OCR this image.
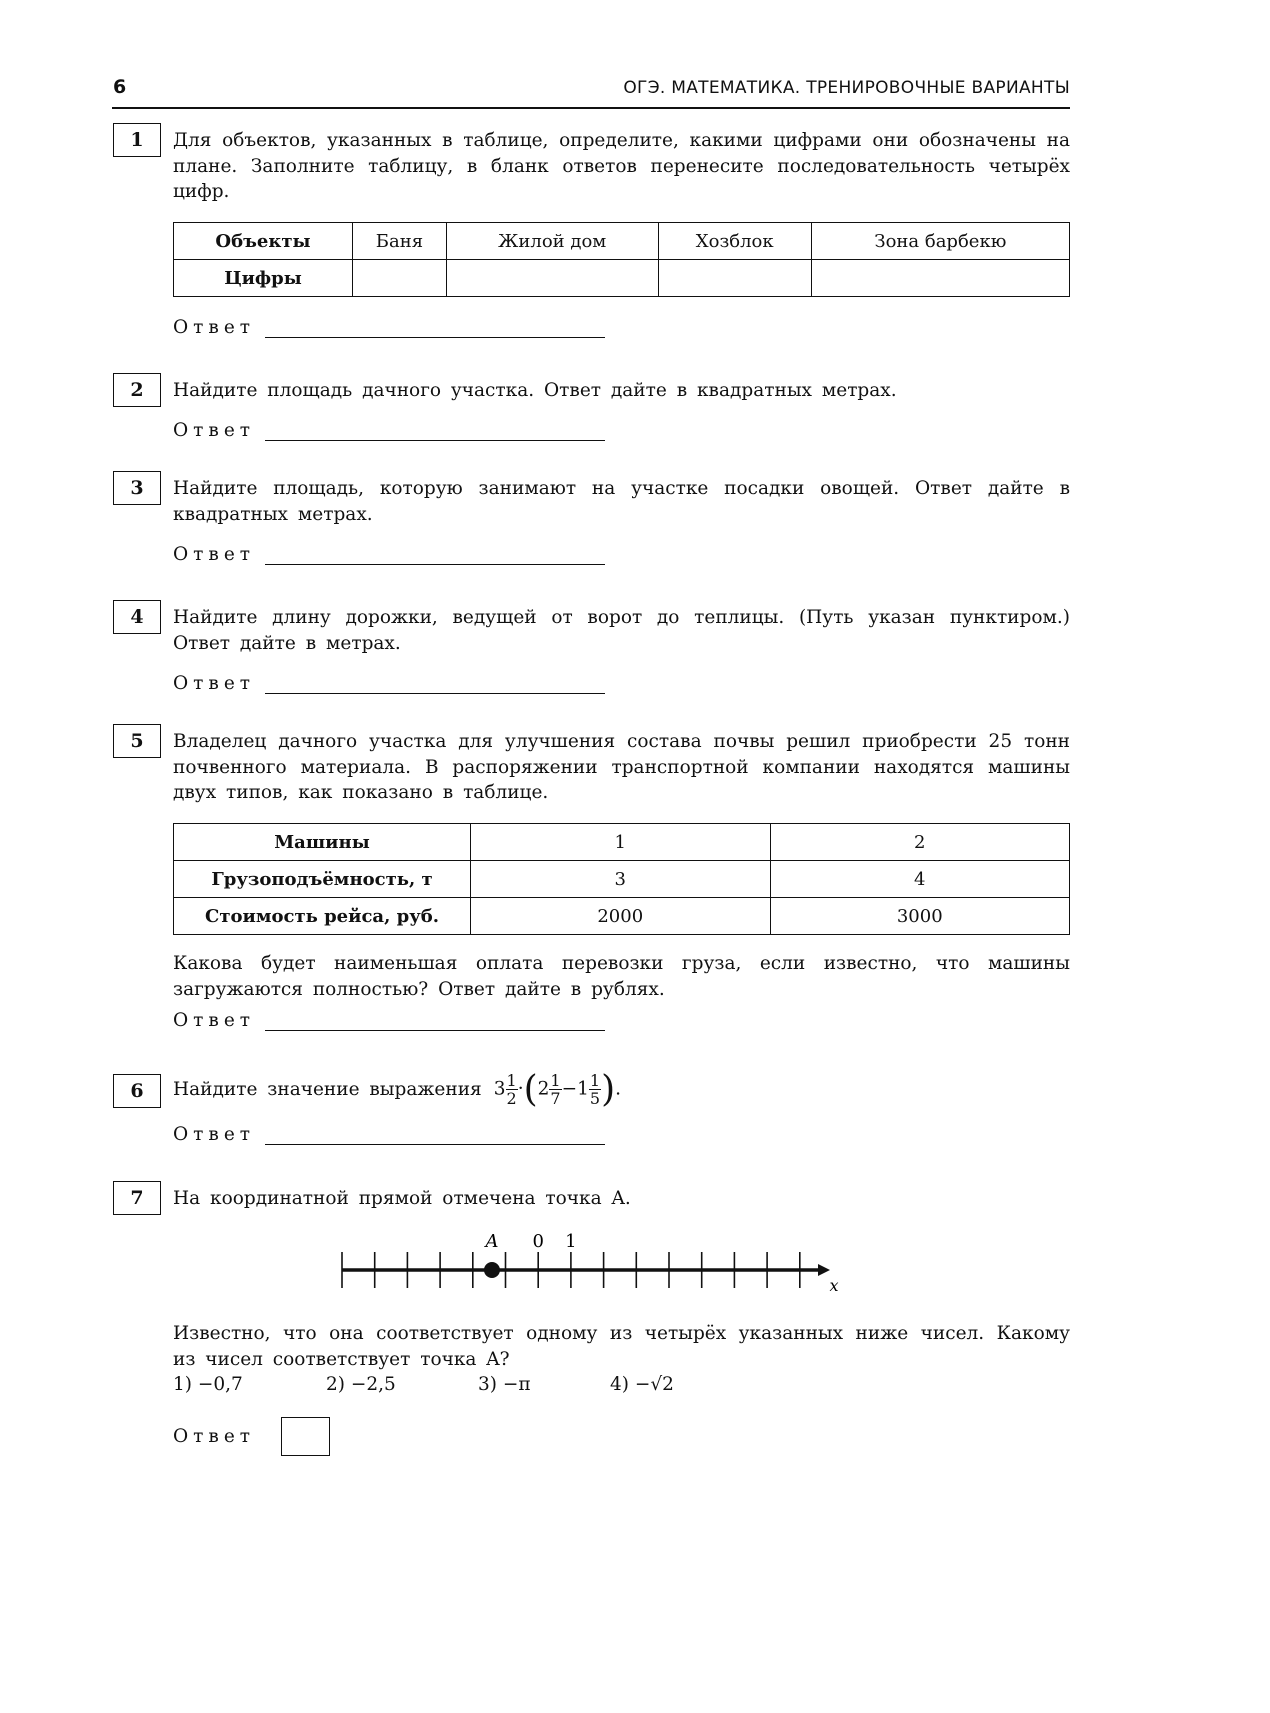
6	ОГЭ. МАТЕМАТИКА. ТРЕНИРОВОЧНЫЕ ВАРИАНТЫ
1	Для объектов, указанных в таблице, определите, какими цифрами они обозначены на плане. Заполните таблицу, в бланк ответов перенесите последовательность четырёх цифр.
Объекты	Баня	Жилой дом	Хозблок	Зона барбекю
Цифры				
Ответ
2	Найдите площадь дачного участка. Ответ дайте в квадратных метрах.
Ответ
3	Найдите площадь, которую занимают на участке посадки овощей. Ответ дайте в квадратных метрах.
Ответ
4	Найдите длину дорожки, ведущей от ворот до теплицы. (Путь указан пунктиром.) Ответ дайте в метрах.
Ответ
5	Владелец дачного участка для улучшения состава почвы решил приобрести 25 тонн почвенного материала. В распоряжении транспортной компании находятся машины двух типов, как показано в таблице.
Машины	1	2
Грузоподъёмность, т	3	4
Стоимость рейса, руб.	2000	3000
Какова будет наименьшая оплата перевозки груза, если известно, что машины загружаются полностью? Ответ дайте в рублях.
Ответ
6	Найдите значение выражения $3 \frac{1}{2} \cdot(2 \frac{1}{7} -1 \frac{1}{5}$ ).
Ответ
7	На координатной прямой отмечена точка A.
A 0 1
x
Известно, что она соответствует одному из четырёх указанных ниже чисел. Какому из чисел соответствует точка A?
1) −0,7	2) −2,5	3) −π	4) −√2
Ответ
